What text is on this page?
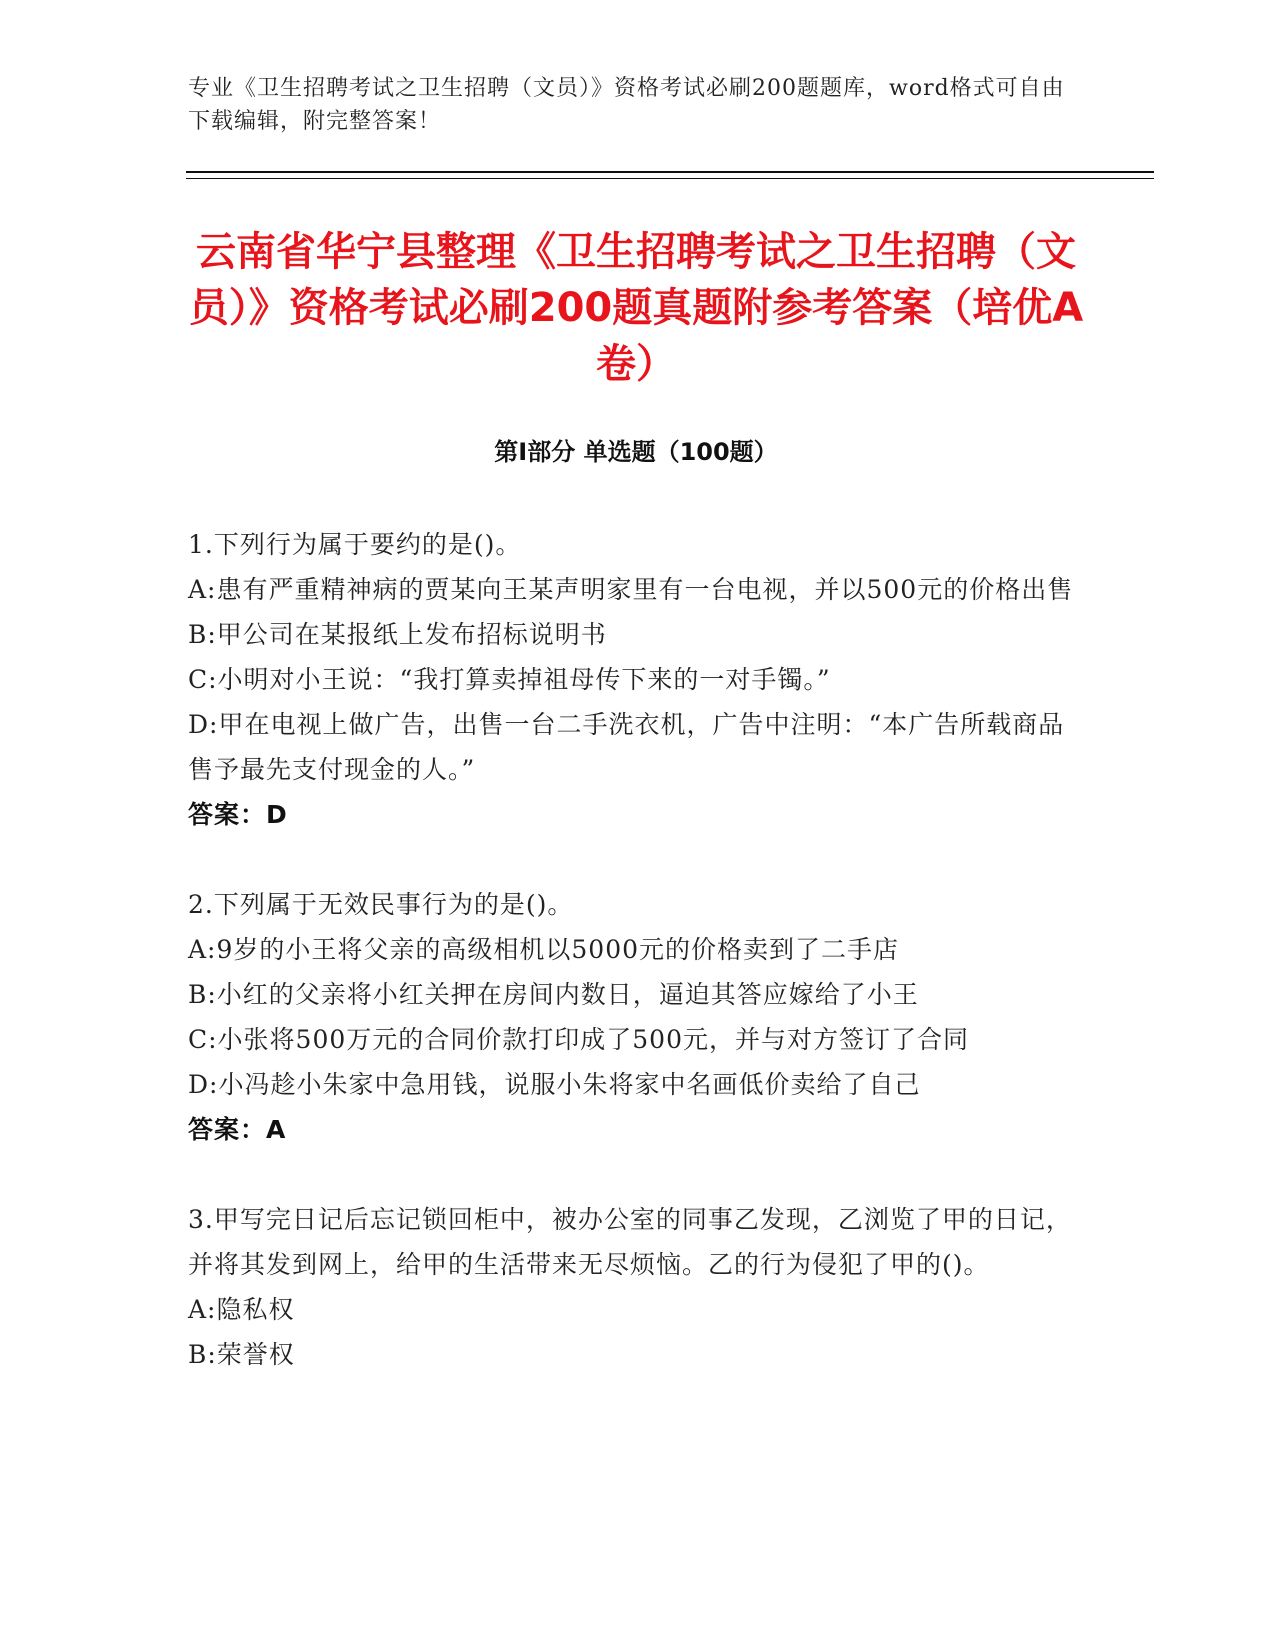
专业《卫生招聘考试之卫生招聘（文员）》资格考试必刷200题题库，word格式可自由下载编辑，附完整答案！
云南省华宁县整理《卫生招聘考试之卫生招聘（文员）》资格考试必刷200题真题附参考答案（培优A卷）
第I部分 单选题（100题）

1.下列行为属于要约的是()。

A:患有严重精神病的贾某向王某声明家里有一台电视，并以500元的价格出售

B:甲公司在某报纸上发布招标说明书

C:小明对小王说：“我打算卖掉祖母传下来的一对手镯。”

D:甲在电视上做广告，出售一台二手洗衣机，广告中注明：“本广告所载商品售予最先支付现金的人。”

答案：D

2.下列属于无效民事行为的是()。

A:9岁的小王将父亲的高级相机以5000元的价格卖到了二手店

B:小红的父亲将小红关押在房间内数日，逼迫其答应嫁给了小王

C:小张将500万元的合同价款打印成了500元，并与对方签订了合同

D:小冯趁小朱家中急用钱，说服小朱将家中名画低价卖给了自己

答案：A

3.甲写完日记后忘记锁回柜中，被办公室的同事乙发现，乙浏览了甲的日记，并将其发到网上，给甲的生活带来无尽烦恼。乙的行为侵犯了甲的()。

A:隐私权

B:荣誉权
